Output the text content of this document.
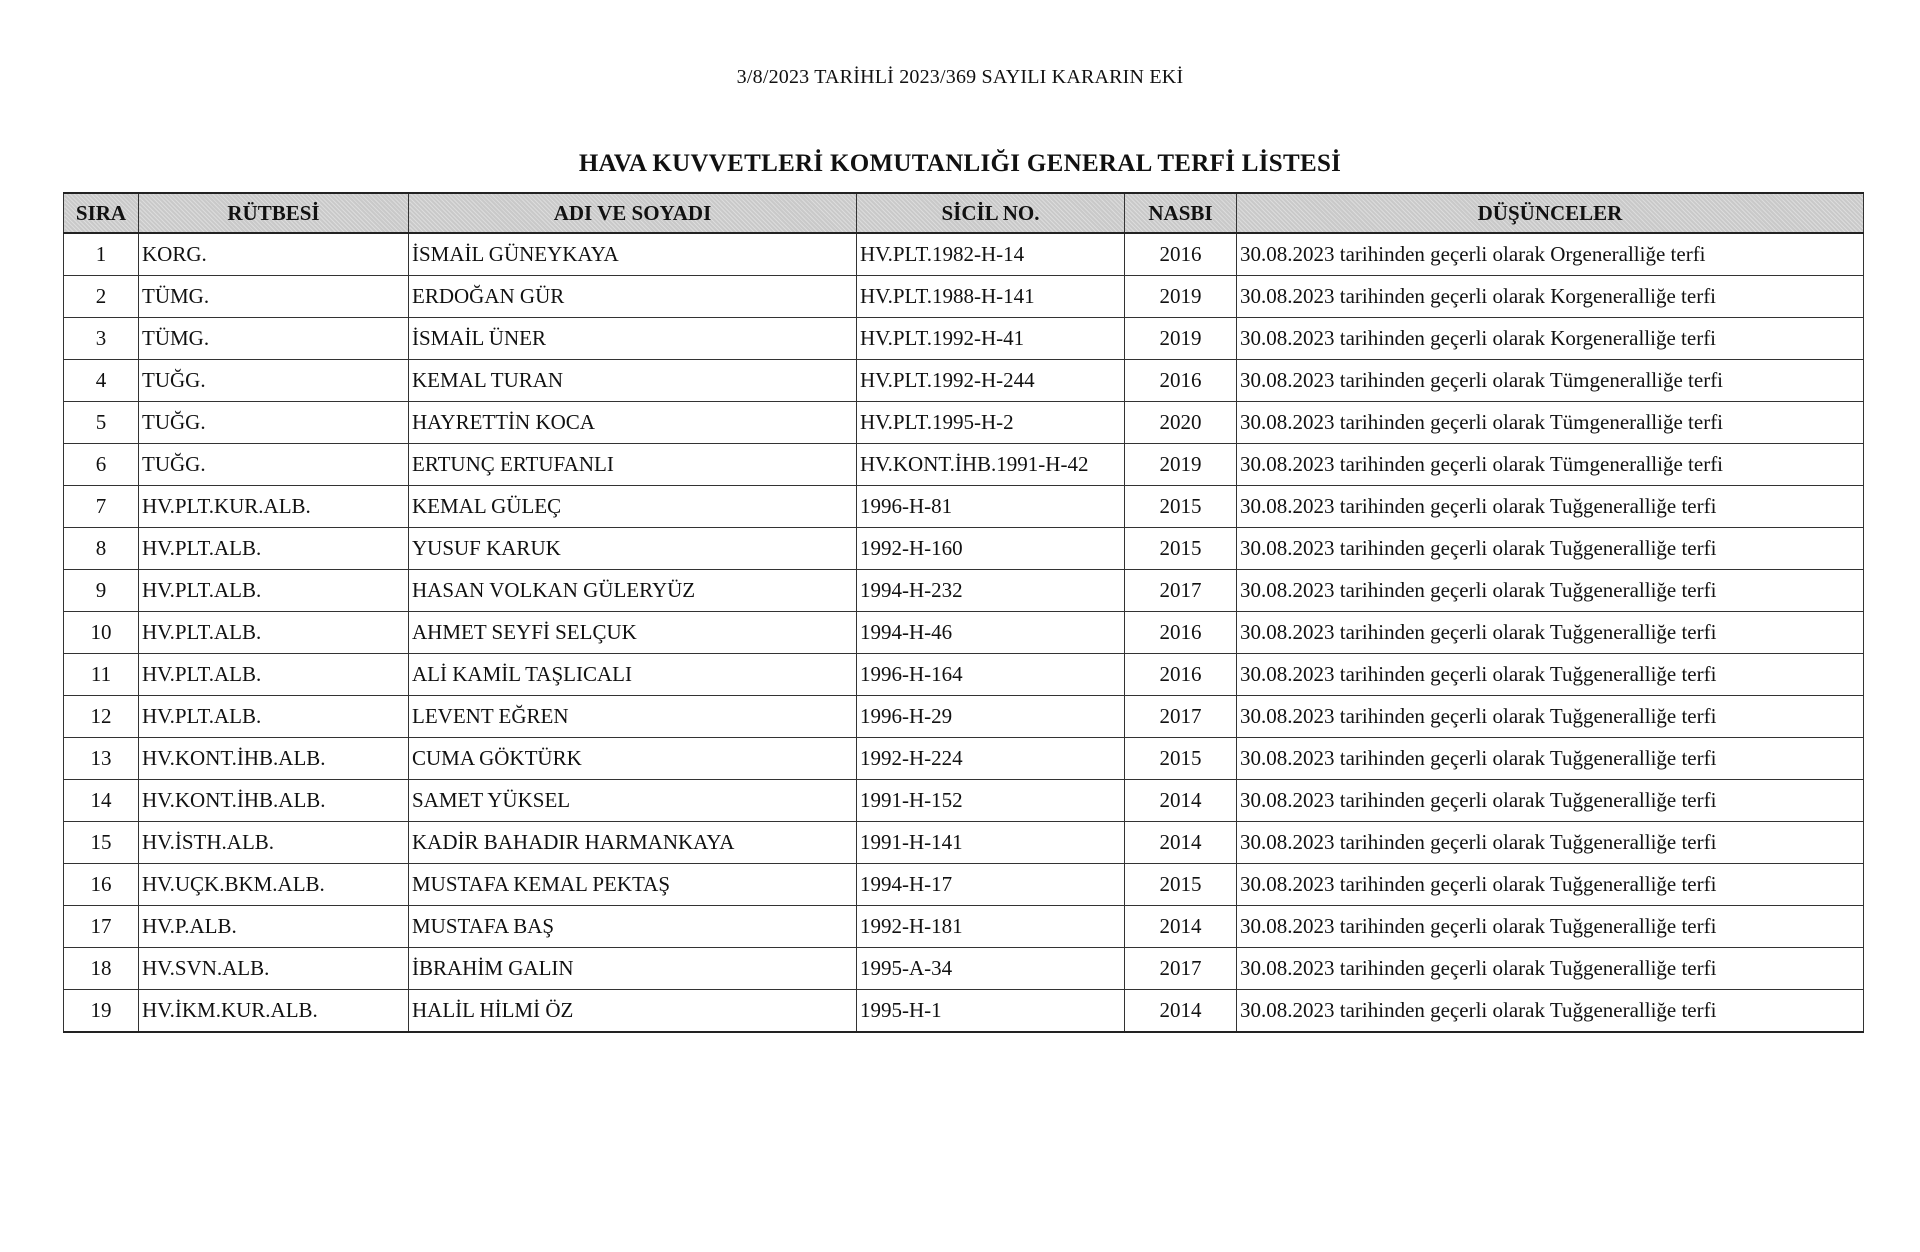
3/8/2023 TARİHLİ 2023/369 SAYILI KARARIN EKİ
HAVA KUVVETLERİ KOMUTANLIĞI GENERAL TERFİ LİSTESİ
SIRA	RÜTBESİ	ADI VE SOYADI	SİCİL NO.	NASBI	DÜŞÜNCELER
1	KORG.	İSMAİL GÜNEYKAYA	HV.PLT.1982-H-14	2016	30.08.2023 tarihinden geçerli olarak Orgeneralliğe terfi
2	TÜMG.	ERDOĞAN GÜR	HV.PLT.1988-H-141	2019	30.08.2023 tarihinden geçerli olarak Korgeneralliğe terfi
3	TÜMG.	İSMAİL ÜNER	HV.PLT.1992-H-41	2019	30.08.2023 tarihinden geçerli olarak Korgeneralliğe terfi
4	TUĞG.	KEMAL TURAN	HV.PLT.1992-H-244	2016	30.08.2023 tarihinden geçerli olarak Tümgeneralliğe terfi
5	TUĞG.	HAYRETTİN KOCA	HV.PLT.1995-H-2	2020	30.08.2023 tarihinden geçerli olarak Tümgeneralliğe terfi
6	TUĞG.	ERTUNÇ ERTUFANLI	HV.KONT.İHB.1991-H-42	2019	30.08.2023 tarihinden geçerli olarak Tümgeneralliğe terfi
7	HV.PLT.KUR.ALB.	KEMAL GÜLEÇ	1996-H-81	2015	30.08.2023 tarihinden geçerli olarak Tuğgeneralliğe terfi
8	HV.PLT.ALB.	YUSUF KARUK	1992-H-160	2015	30.08.2023 tarihinden geçerli olarak Tuğgeneralliğe terfi
9	HV.PLT.ALB.	HASAN VOLKAN GÜLERYÜZ	1994-H-232	2017	30.08.2023 tarihinden geçerli olarak Tuğgeneralliğe terfi
10	HV.PLT.ALB.	AHMET SEYFİ SELÇUK	1994-H-46	2016	30.08.2023 tarihinden geçerli olarak Tuğgeneralliğe terfi
11	HV.PLT.ALB.	ALİ KAMİL TAŞLICALI	1996-H-164	2016	30.08.2023 tarihinden geçerli olarak Tuğgeneralliğe terfi
12	HV.PLT.ALB.	LEVENT EĞREN	1996-H-29	2017	30.08.2023 tarihinden geçerli olarak Tuğgeneralliğe terfi
13	HV.KONT.İHB.ALB.	CUMA GÖKTÜRK	1992-H-224	2015	30.08.2023 tarihinden geçerli olarak Tuğgeneralliğe terfi
14	HV.KONT.İHB.ALB.	SAMET YÜKSEL	1991-H-152	2014	30.08.2023 tarihinden geçerli olarak Tuğgeneralliğe terfi
15	HV.İSTH.ALB.	KADİR BAHADIR HARMANKAYA	1991-H-141	2014	30.08.2023 tarihinden geçerli olarak Tuğgeneralliğe terfi
16	HV.UÇK.BKM.ALB.	MUSTAFA KEMAL PEKTAŞ	1994-H-17	2015	30.08.2023 tarihinden geçerli olarak Tuğgeneralliğe terfi
17	HV.P.ALB.	MUSTAFA BAŞ	1992-H-181	2014	30.08.2023 tarihinden geçerli olarak Tuğgeneralliğe terfi
18	HV.SVN.ALB.	İBRAHİM GALIN	1995-A-34	2017	30.08.2023 tarihinden geçerli olarak Tuğgeneralliğe terfi
19	HV.İKM.KUR.ALB.	HALİL HİLMİ ÖZ	1995-H-1	2014	30.08.2023 tarihinden geçerli olarak Tuğgeneralliğe terfi
